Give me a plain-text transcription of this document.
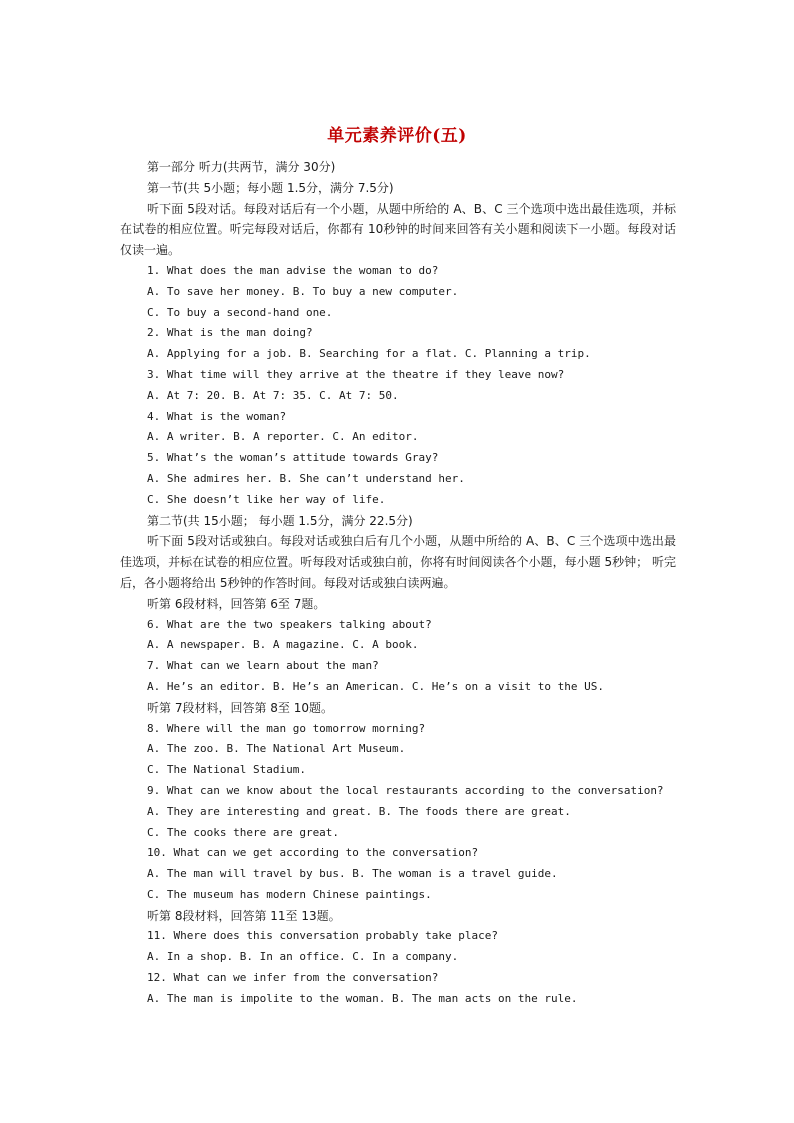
单元素养评价(五)
第一部分 听力(共两节，满分 30分)
第一节(共 5小题；每小题 1.5分，满分 7.5分)
听下面 5段对话。每段对话后有一个小题，从题中所给的 A、B、C 三个选项中选出最佳选项，并标在试卷的相应位置。听完每段对话后，你都有 10秒钟的时间来回答有关小题和阅读下一小题。每段对话仅读一遍。
1. What does the man advise the woman to do?
A. To save her money. B. To buy a new computer.
C. To buy a second-hand one.
2. What is the man doing?
A. Applying for a job. B. Searching for a flat. C. Planning a trip.
3. What time will they arrive at the theatre if they leave now?
A. At 7: 20. B. At 7: 35. C. At 7: 50.
4. What is the woman?
A. A writer. B. A reporter. C. An editor.
5. What’s the woman’s attitude towards Gray?
A. She admires her. B. She can’t understand her.
C. She doesn’t like her way of life.
第二节(共 15小题； 每小题 1.5分，满分 22.5分)
听下面 5段对话或独白。每段对话或独白后有几个小题，从题中所给的 A、B、C 三个选项中选出最佳选项，并标在试卷的相应位置。听每段对话或独白前，你将有时间阅读各个小题，每小题 5秒钟； 听完后，各小题将给出 5秒钟的作答时间。每段对话或独白读两遍。
听第 6段材料，回答第 6至 7题。
6. What are the two speakers talking about?
A. A newspaper. B. A magazine. C. A book.
7. What can we learn about the man?
A. He’s an editor. B. He’s an American. C. He’s on a visit to the US.
听第 7段材料，回答第 8至 10题。
8. Where will the man go tomorrow morning?
A. The zoo. B. The National Art Museum.
C. The National Stadium.
9. What can we know about the local restaurants according to the conversation?
A. They are interesting and great. B. The foods there are great.
C. The cooks there are great.
10. What can we get according to the conversation?
A. The man will travel by bus. B. The woman is a travel guide.
C. The museum has modern Chinese paintings.
听第 8段材料，回答第 11至 13题。
11. Where does this conversation probably take place?
A. In a shop. B. In an office. C. In a company.
12. What can we infer from the conversation?
A. The man is impolite to the woman. B. The man acts on the rule.
